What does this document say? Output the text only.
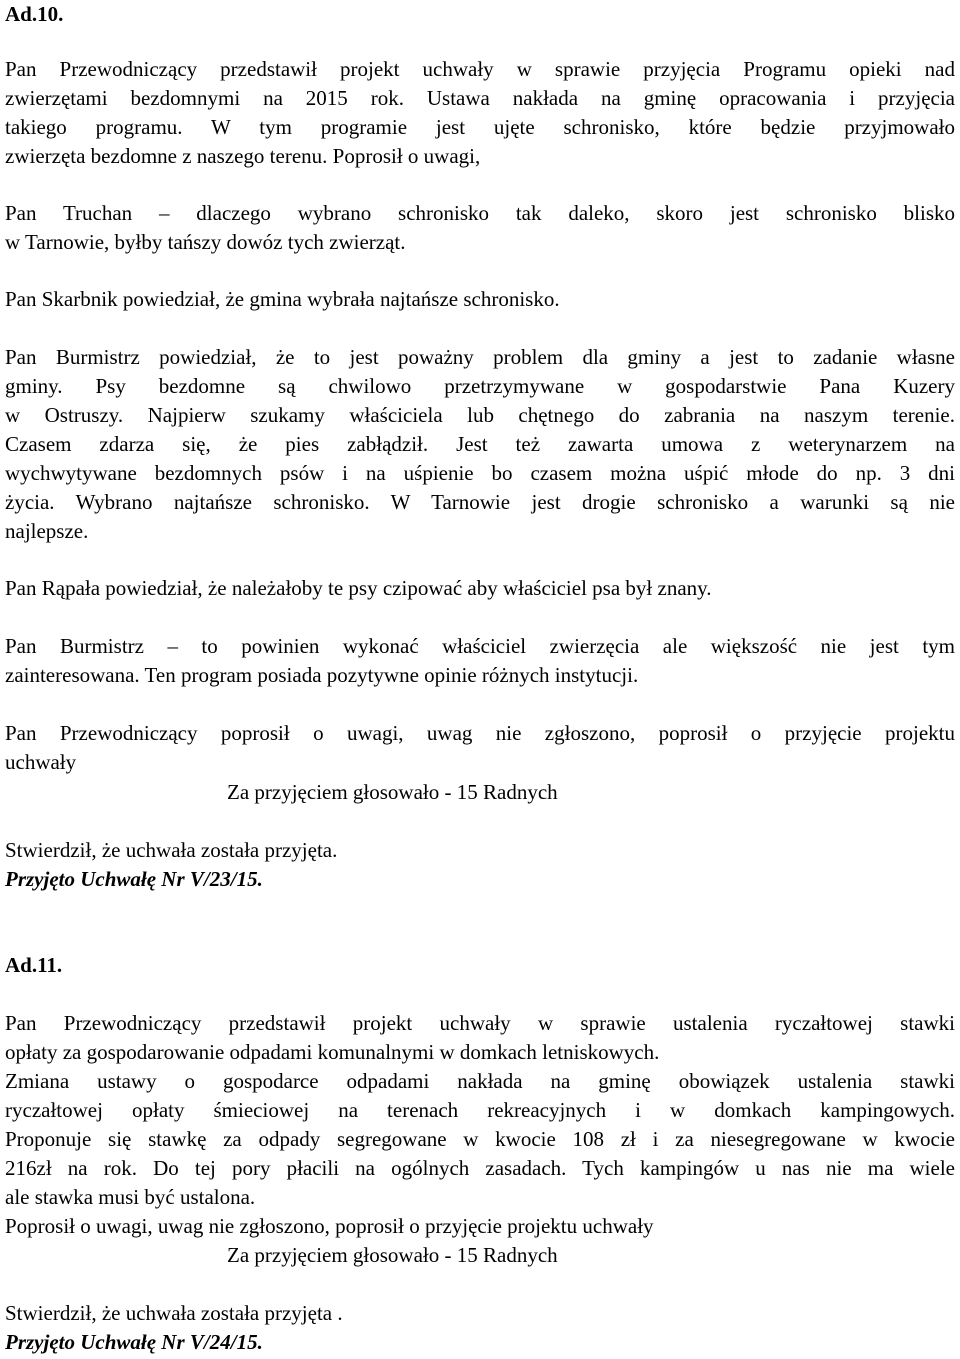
Ad.10.
Pan Przewodniczący przedstawił projekt uchwały w sprawie przyjęcia Programu opieki nad
zwierzętami bezdomnymi na 2015 rok. Ustawa nakłada na gminę opracowania i przyjęcia
takiego programu. W tym programie jest ujęte schronisko, które będzie przyjmowało
zwierzęta bezdomne z naszego terenu. Poprosił o uwagi,
Pan Truchan – dlaczego wybrano schronisko tak daleko, skoro jest schronisko blisko
w Tarnowie, byłby tańszy dowóz tych zwierząt.
Pan Skarbnik powiedział, że gmina wybrała najtańsze schronisko.
Pan Burmistrz powiedział, że to jest poważny problem dla gminy a jest to zadanie własne
gminy. Psy bezdomne są chwilowo przetrzymywane w gospodarstwie Pana Kuzery
w Ostruszy. Najpierw szukamy właściciela lub chętnego do zabrania na naszym terenie.
Czasem zdarza się, że pies zabłądził. Jest też zawarta umowa z weterynarzem na
wychwytywane bezdomnych psów i na uśpienie bo czasem można uśpić młode do np. 3 dni
życia. Wybrano najtańsze schronisko. W Tarnowie jest drogie schronisko a warunki są nie
najlepsze.
Pan Rąpała powiedział, że należałoby te psy czipować aby właściciel psa był znany.
Pan Burmistrz – to powinien wykonać właściciel zwierzęcia ale większość nie jest tym
zainteresowana. Ten program posiada pozytywne opinie różnych instytucji.
Pan Przewodniczący poprosił o uwagi, uwag nie zgłoszono, poprosił o przyjęcie projektu
uchwały
Za przyjęciem głosowało - 15 Radnych
Stwierdził, że uchwała została przyjęta.
Przyjęto Uchwałę Nr V/23/15.
Ad.11.
Pan Przewodniczący przedstawił projekt uchwały w sprawie ustalenia ryczałtowej stawki
opłaty za gospodarowanie odpadami komunalnymi w domkach letniskowych.
Zmiana ustawy o gospodarce odpadami nakłada na gminę obowiązek ustalenia stawki
ryczałtowej opłaty śmieciowej na terenach rekreacyjnych i w domkach kampingowych.
Proponuje się stawkę za odpady segregowane w kwocie 108 zł i za niesegregowane w kwocie
216zł na rok. Do tej pory płacili na ogólnych zasadach. Tych kampingów u nas nie ma wiele
ale stawka musi być ustalona.
Poprosił o uwagi, uwag nie zgłoszono, poprosił o przyjęcie projektu uchwały
Za przyjęciem głosowało - 15 Radnych
Stwierdził, że uchwała została przyjęta .
Przyjęto Uchwałę Nr V/24/15.
